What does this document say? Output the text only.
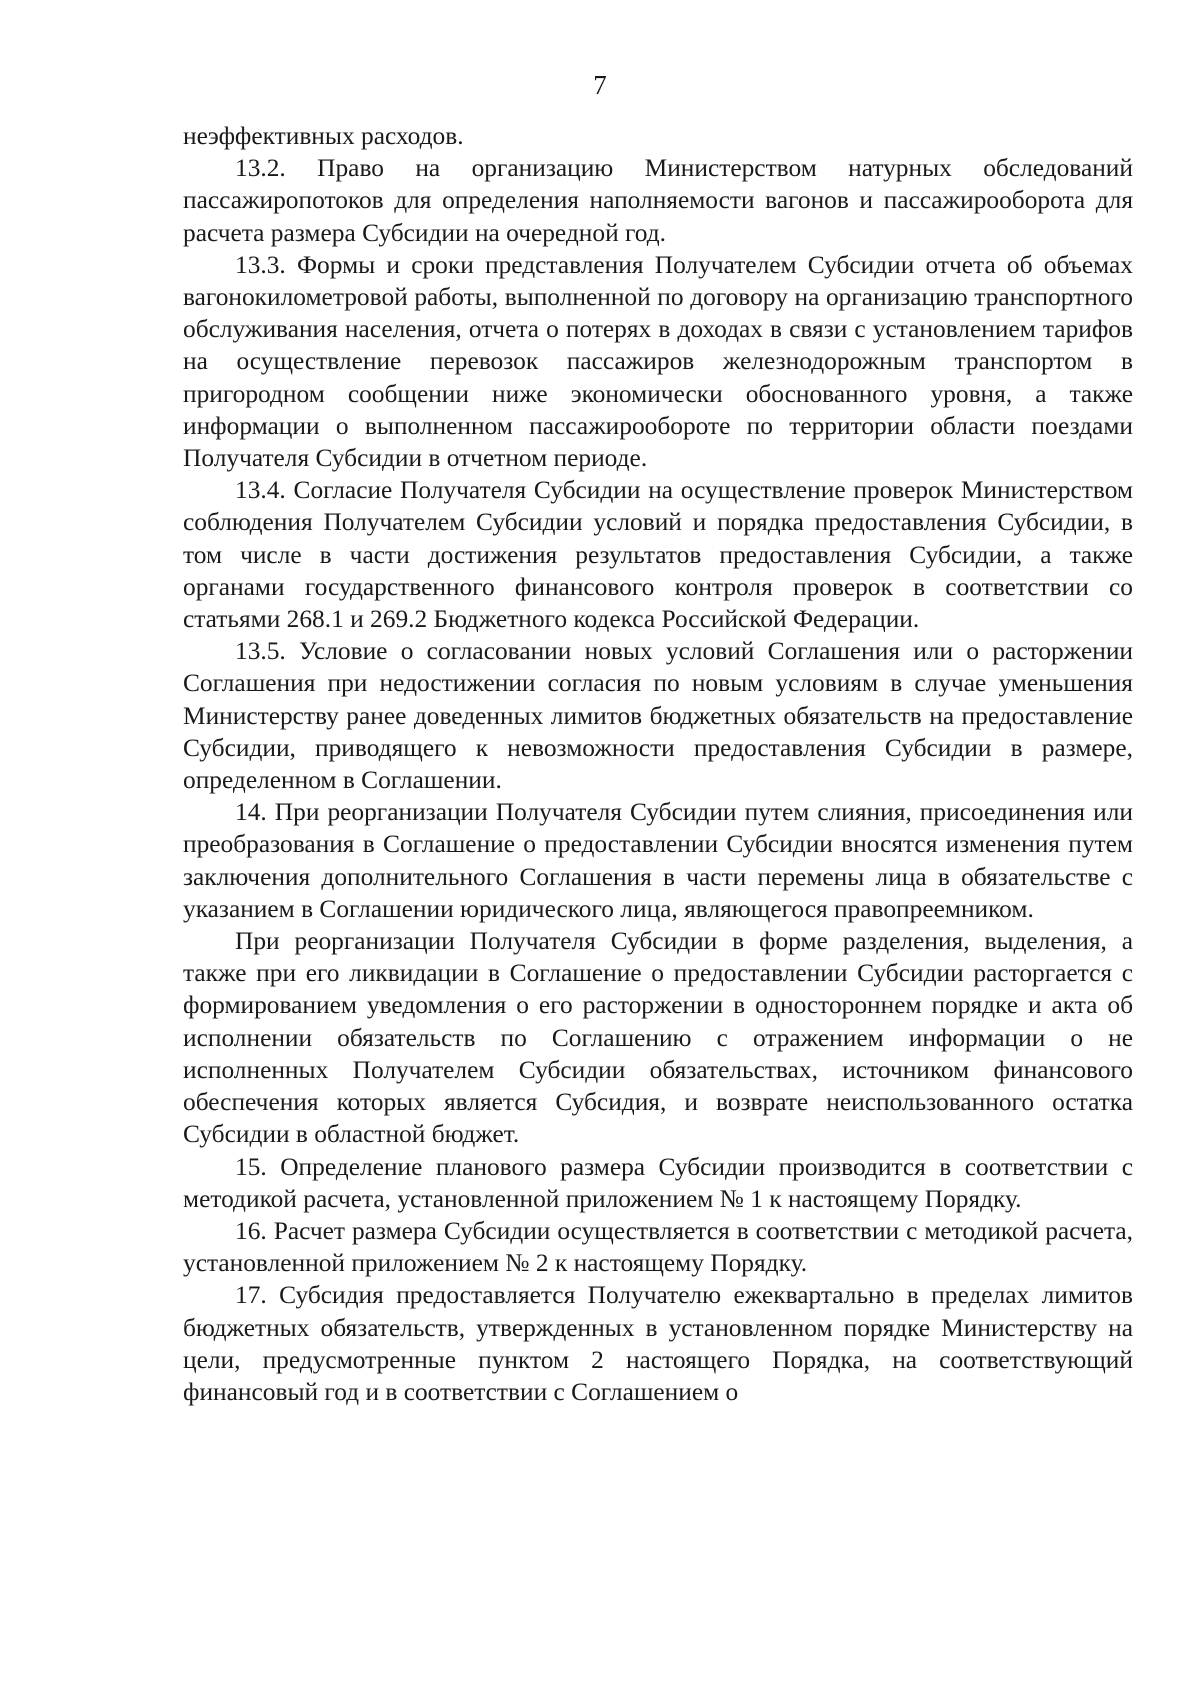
7

неэффективных расходов.

13.2. Право на организацию Министерством натурных обследований пассажиропотоков для определения наполняемости вагонов и пассажирооборота для расчета размера Субсидии на очередной год.

13.3. Формы и сроки представления Получателем Субсидии отчета об объемах вагонокилометровой работы, выполненной по договору на организацию транспортного обслуживания населения, отчета о потерях в доходах в связи с установлением тарифов на осуществление перевозок пассажиров железнодорожным транспортом в пригородном сообщении ниже экономически обоснованного уровня, а также информации о выполненном пассажирообороте по территории области поездами Получателя Субсидии в отчетном периоде.

13.4. Согласие Получателя Субсидии на осуществление проверок Министерством соблюдения Получателем Субсидии условий и порядка предоставления Субсидии, в том числе в части достижения результатов предоставления Субсидии, а также органами государственного финансового контроля проверок в соответствии со статьями 268.1 и 269.2 Бюджетного кодекса Российской Федерации.

13.5. Условие о согласовании новых условий Соглашения или о расторжении Соглашения при недостижении согласия по новым условиям в случае уменьшения Министерству ранее доведенных лимитов бюджетных обязательств на предоставление Субсидии, приводящего к невозможности предоставления Субсидии в размере, определенном в Соглашении.

14. При реорганизации Получателя Субсидии путем слияния, присоединения или преобразования в Соглашение о предоставлении Субсидии вносятся изменения путем заключения дополнительного Соглашения в части перемены лица в обязательстве с указанием в Соглашении юридического лица, являющегося правопреемником.

При реорганизации Получателя Субсидии в форме разделения, выделения, а также при его ликвидации в Соглашение о предоставлении Субсидии расторгается с формированием уведомления о его расторжении в одностороннем порядке и акта об исполнении обязательств по Соглашению с отражением информации о не исполненных Получателем Субсидии обязательствах, источником финансового обеспечения которых является Субсидия, и возврате неиспользованного остатка Субсидии в областной бюджет.

15. Определение планового размера Субсидии производится в соответствии с методикой расчета, установленной приложением № 1 к настоящему Порядку.

16. Расчет размера Субсидии осуществляется в соответствии с методикой расчета, установленной приложением № 2 к настоящему Порядку.

17. Субсидия предоставляется Получателю ежеквартально в пределах лимитов бюджетных обязательств, утвержденных в установленном порядке Министерству на цели, предусмотренные пунктом 2 настоящего Порядка, на соответствующий финансовый год и в соответствии с Соглашением о
